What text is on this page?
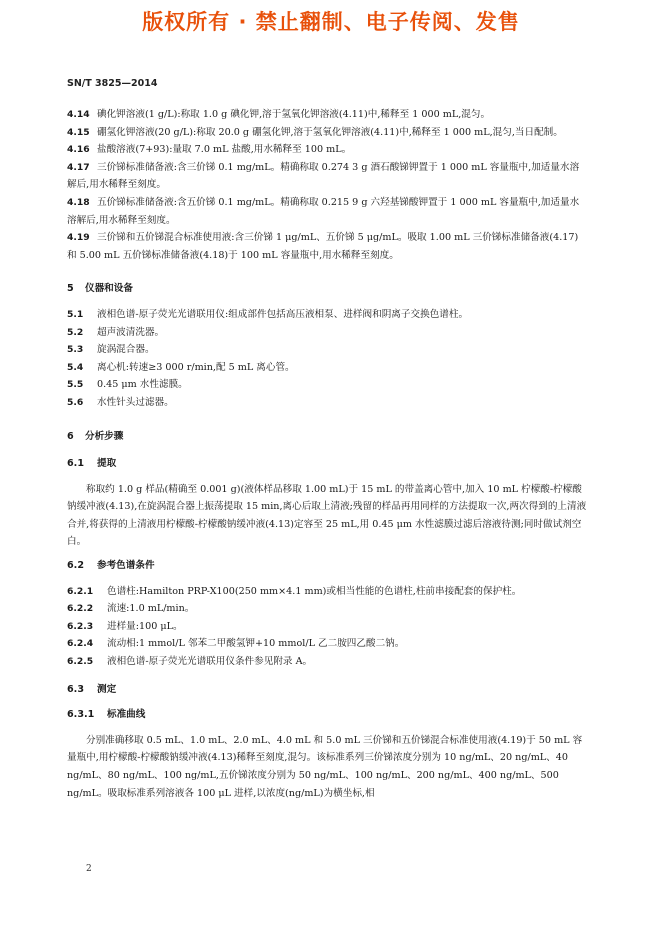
版权所有 · 禁止翻制、电子传阅、发售
SN/T 3825—2014

4.14 碘化钾溶液(1 g/L):称取 1.0 g 碘化钾,溶于氢氧化钾溶液(4.11)中,稀释至 1 000 mL,混匀。

4.15 硼氢化钾溶液(20 g/L):称取 20.0 g 硼氢化钾,溶于氢氧化钾溶液(4.11)中,稀释至 1 000 mL,混匀,当日配制。

4.16 盐酸溶液(7+93):量取 7.0 mL 盐酸,用水稀释至 100 mL。

4.17 三价锑标准储备液:含三价锑 0.1 mg/mL。精确称取 0.274 3 g 酒石酸锑钾置于 1 000 mL 容量瓶中,加适量水溶解后,用水稀释至刻度。

4.18 五价锑标准储备液:含五价锑 0.1 mg/mL。精确称取 0.215 9 g 六羟基锑酸钾置于 1 000 mL 容量瓶中,加适量水溶解后,用水稀释至刻度。

4.19 三价锑和五价锑混合标准使用液:含三价锑 1 μg/mL、五价锑 5 μg/mL。吸取 1.00 mL 三价锑标准储备液(4.17)和 5.00 mL 五价锑标准储备液(4.18)于 100 mL 容量瓶中,用水稀释至刻度。

5 仪器和设备

5.1 液相色谱-原子荧光光谱联用仪:组成部件包括高压液相泵、进样阀和阴离子交换色谱柱。

5.2 超声波清洗器。

5.3 旋涡混合器。

5.4 离心机:转速≥3 000 r/min,配 5 mL 离心管。

5.5 0.45 μm 水性滤膜。

5.6 水性针头过滤器。

6 分析步骤

6.1 提取

称取约 1.0 g 样品(精确至 0.001 g)(液体样品移取 1.00 mL)于 15 mL 的带盖离心管中,加入 10 mL 柠檬酸-柠檬酸钠缓冲液(4.13),在旋涡混合器上振荡提取 15 min,离心后取上清液;残留的样品再用同样的方法提取一次,两次得到的上清液合并,将获得的上清液用柠檬酸-柠檬酸钠缓冲液(4.13)定容至 25 mL,用 0.45 μm 水性滤膜过滤后溶液待测;同时做试剂空白。

6.2 参考色谱条件

6.2.1 色谱柱:Hamilton PRP-X100(250 mm×4.1 mm)或相当性能的色谱柱,柱前串接配套的保护柱。

6.2.2 流速:1.0 mL/min。

6.2.3 进样量:100 μL。

6.2.4 流动相:1 mmol/L 邻苯二甲酸氢钾+10 mmol/L 乙二胺四乙酸二钠。

6.2.5 液相色谱-原子荧光光谱联用仪条件参见附录 A。

6.3 测定

6.3.1 标准曲线

分别准确移取 0.5 mL、1.0 mL、2.0 mL、4.0 mL 和 5.0 mL 三价锑和五价锑混合标准使用液(4.19)于 50 mL 容量瓶中,用柠檬酸-柠檬酸钠缓冲液(4.13)稀释至刻度,混匀。该标准系列三价锑浓度分别为 10 ng/mL、20 ng/mL、40 ng/mL、80 ng/mL、100 ng/mL,五价锑浓度分别为 50 ng/mL、100 ng/mL、200 ng/mL、400 ng/mL、500 ng/mL。吸取标准系列溶液各 100 μL 进样,以浓度(ng/mL)为横坐标,相

2
